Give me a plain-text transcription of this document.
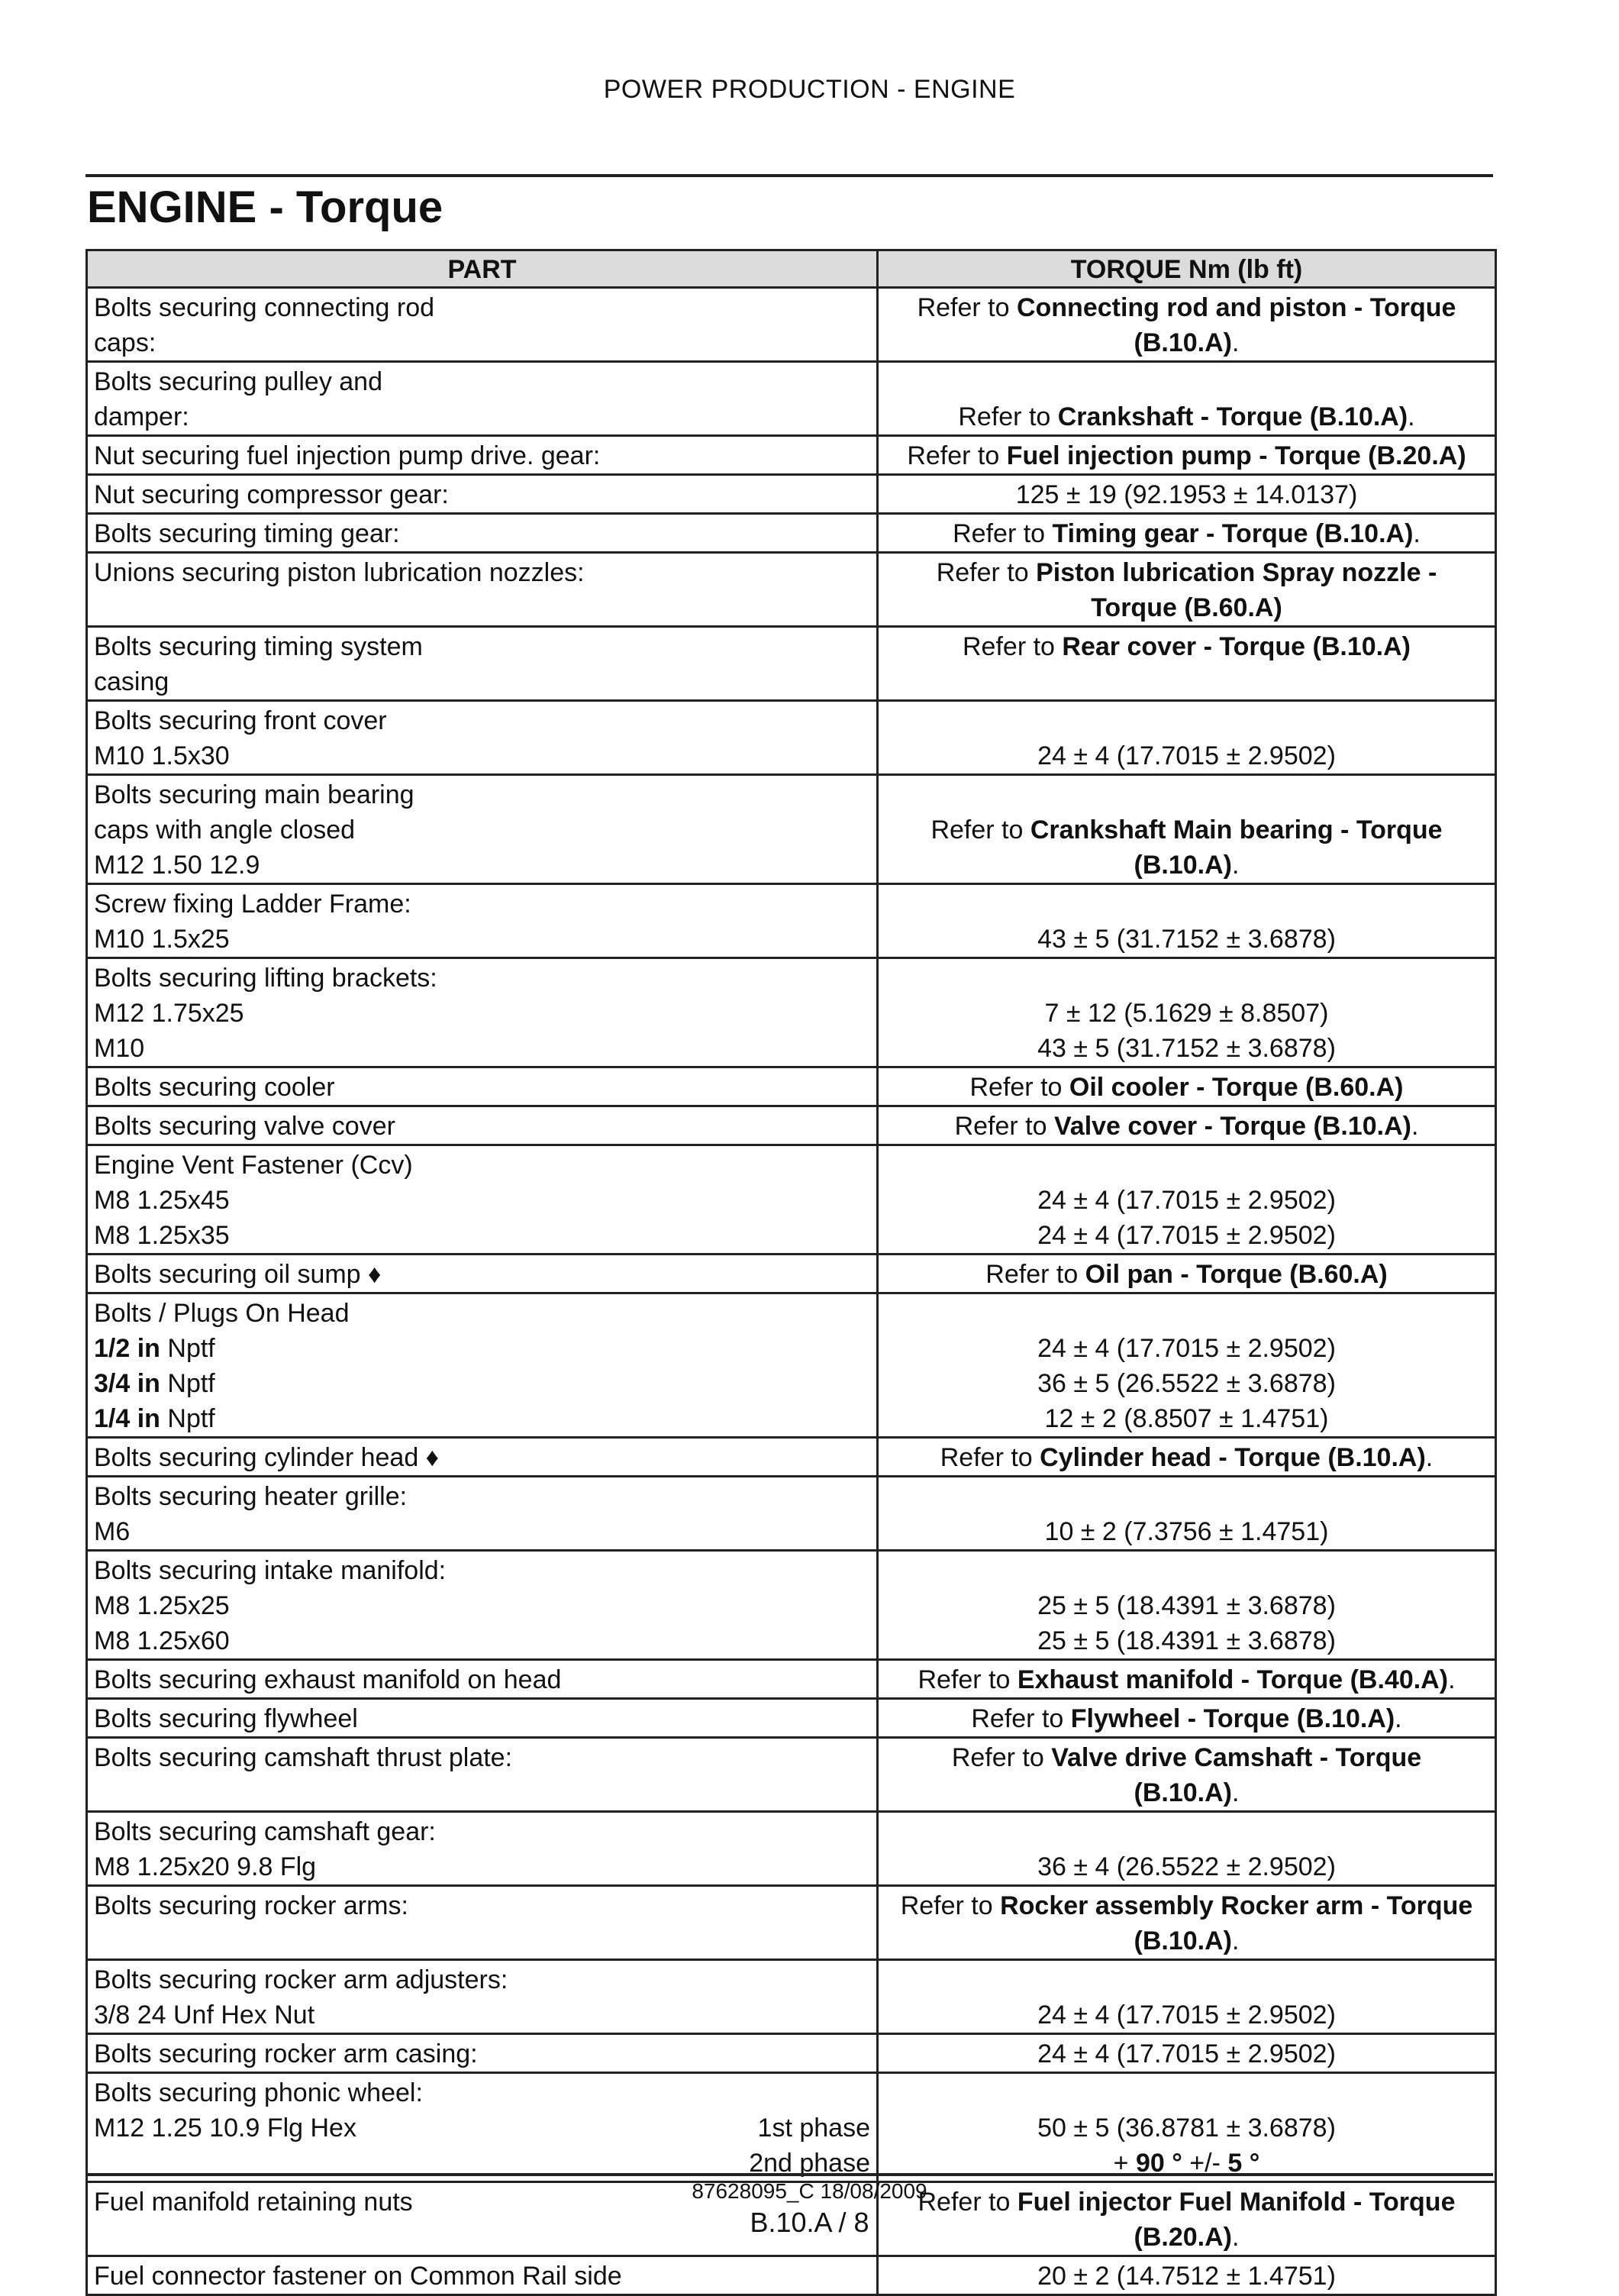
POWER PRODUCTION - ENGINE
ENGINE - Torque
PART	TORQUE Nm (lb ft)

Bolts securing connecting rod
caps:	Refer to Connecting rod and piston - Torque
(B.10.A).

Bolts securing pulley and
damper:	Refer to Crankshaft - Torque (B.10.A).

Nut securing fuel injection pump drive. gear:	Refer to Fuel injection pump - Torque (B.20.A)

Nut securing compressor gear:	125 ± 19 (92.1953 ± 14.0137)

Bolts securing timing gear:	Refer to Timing gear - Torque (B.10.A).

Unions securing piston lubrication nozzles:	Refer to Piston lubrication Spray nozzle -
Torque (B.60.A)

Bolts securing timing system
casing	Refer to Rear cover - Torque (B.10.A)

Bolts securing front cover
M10 1.5x30	24 ± 4 (17.7015 ± 2.9502)

Bolts securing main bearing
caps with angle closed
M12 1.50 12.9	Refer to Crankshaft Main bearing - Torque
(B.10.A).

Screw fixing Ladder Frame:
M10 1.5x25	43 ± 5 (31.7152 ± 3.6878)

Bolts securing lifting brackets:
M12 1.75x25
M10	7 ± 12 (5.1629 ± 8.8507)
43 ± 5 (31.7152 ± 3.6878)

Bolts securing cooler	Refer to Oil cooler - Torque (B.60.A)

Bolts securing valve cover	Refer to Valve cover - Torque (B.10.A).

Engine Vent Fastener (Ccv)
M8 1.25x45
M8 1.25x35	24 ± 4 (17.7015 ± 2.9502)
24 ± 4 (17.7015 ± 2.9502)

Bolts securing oil sump ♦	Refer to Oil pan - Torque (B.60.A)

Bolts / Plugs On Head
1/2 in Nptf
3/4 in Nptf
1/4 in Nptf	24 ± 4 (17.7015 ± 2.9502)
36 ± 5 (26.5522 ± 3.6878)
12 ± 2 (8.8507 ± 1.4751)

Bolts securing cylinder head ♦	Refer to Cylinder head - Torque (B.10.A).

Bolts securing heater grille:
M6	10 ± 2 (7.3756 ± 1.4751)

Bolts securing intake manifold:
M8 1.25x25
M8 1.25x60	25 ± 5 (18.4391 ± 3.6878)
25 ± 5 (18.4391 ± 3.6878)

Bolts securing exhaust manifold on head	Refer to Exhaust manifold - Torque (B.40.A).

Bolts securing flywheel	Refer to Flywheel - Torque (B.10.A).

Bolts securing camshaft thrust plate:	Refer to Valve drive Camshaft - Torque
(B.10.A).

Bolts securing camshaft gear:
M8 1.25x20 9.8 Flg	36 ± 4 (26.5522 ± 2.9502)

Bolts securing rocker arms:	Refer to Rocker assembly Rocker arm - Torque
(B.10.A).

Bolts securing rocker arm adjusters:
3/8 24 Unf Hex Nut	24 ± 4 (17.7015 ± 2.9502)

Bolts securing rocker arm casing:	24 ± 4 (17.7015 ± 2.9502)

Bolts securing phonic wheel:
M12 1.25 10.9 Flg Hex 1st phase
2nd phase	50 ± 5 (36.8781 ± 3.6878)
+ 90 ° +/- 5 °

Fuel manifold retaining nuts	Refer to Fuel injector Fuel Manifold - Torque
(B.20.A).

Fuel connector fastener on Common Rail side	20 ± 2 (14.7512 ± 1.4751)
87628095_C 18/08/2009
B.10.A / 8
